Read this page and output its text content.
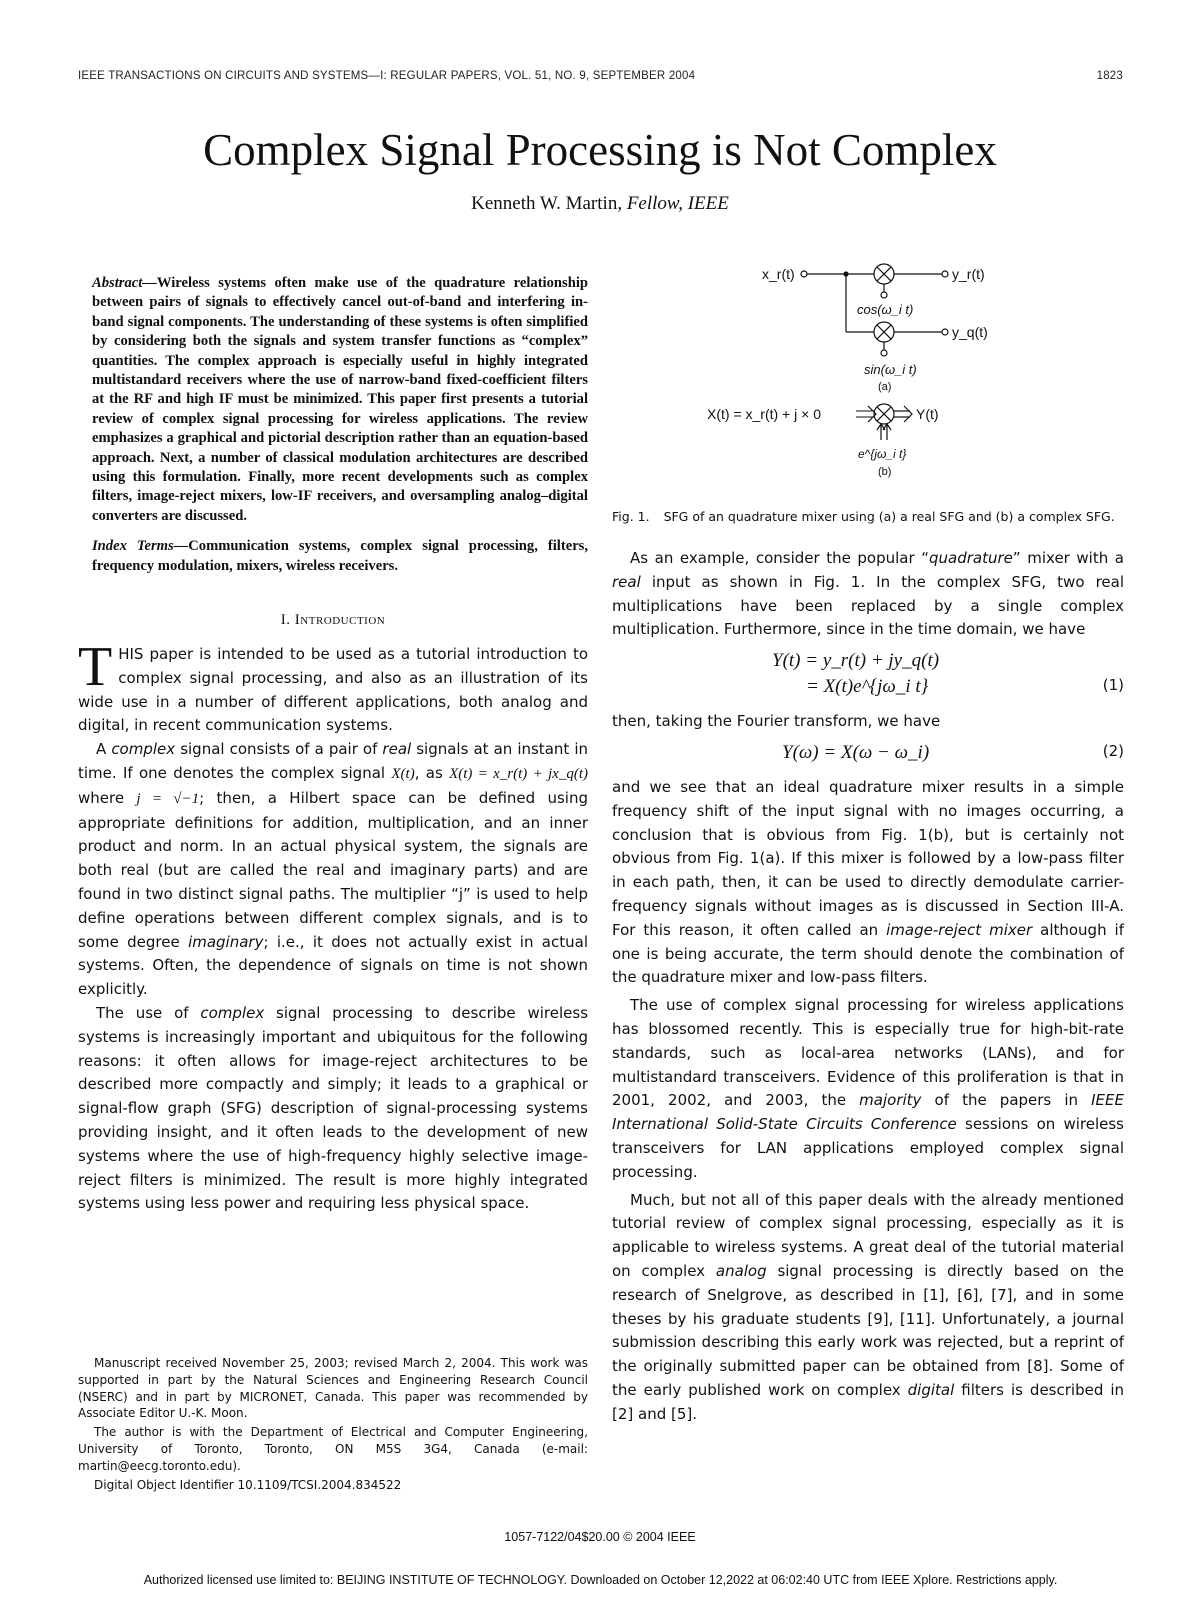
IEEE TRANSACTIONS ON CIRCUITS AND SYSTEMS—I: REGULAR PAPERS, VOL. 51, NO. 9, SEPTEMBER 2004	1823
Complex Signal Processing is Not Complex
Kenneth W. Martin, Fellow, IEEE

Abstract—Wireless systems often make use of the quadrature relationship between pairs of signals to effectively cancel out-of-band and interfering in-band signal components. The understanding of these systems is often simplified by considering both the signals and system transfer functions as “complex” quantities. The complex approach is especially useful in highly integrated multistandard receivers where the use of narrow-band fixed-coefficient filters at the RF and high IF must be minimized. This paper first presents a tutorial review of complex signal processing for wireless applications. The review emphasizes a graphical and pictorial description rather than an equation-based approach. Next, a number of classical modulation architectures are described using this formulation. Finally, more recent developments such as complex filters, image-reject mixers, low-IF receivers, and oversampling analog–digital converters are discussed.

Index Terms—Communication systems, complex signal processing, filters, frequency modulation, mixers, wireless receivers.

I. Introduction

THIS paper is intended to be used as a tutorial introduction to complex signal processing, and also as an illustration of its wide use in a number of different applications, both analog and digital, in recent communication systems.

A complex signal consists of a pair of real signals at an instant in time. If one denotes the complex signal X(t), as X(t) = x_r(t) + jx_q(t) where j = √−1; then, a Hilbert space can be defined using appropriate definitions for addition, multiplication, and an inner product and norm. In an actual physical system, the signals are both real (but are called the real and imaginary parts) and are found in two distinct signal paths. The multiplier “j” is used to help define operations between different complex signals, and is to some degree imaginary; i.e., it does not actually exist in actual systems. Often, the dependence of signals on time is not shown explicitly.

The use of complex signal processing to describe wireless systems is increasingly important and ubiquitous for the following reasons: it often allows for image-reject architectures to be described more compactly and simply; it leads to a graphical or signal-flow graph (SFG) description of signal-processing systems providing insight, and it often leads to the development of new systems where the use of high-frequency highly selective image-reject filters is minimized. The result is more highly integrated systems using less power and requiring less physical space.

Manuscript received November 25, 2003; revised March 2, 2004. This work was supported in part by the Natural Sciences and Engineering Research Council (NSERC) and in part by MICRONET, Canada. This paper was recommended by Associate Editor U.-K. Moon.

The author is with the Department of Electrical and Computer Engineering, University of Toronto, Toronto, ON M5S 3G4, Canada (e-mail: martin@eecg.toronto.edu).

Digital Object Identifier 10.1109/TCSI.2004.834522

x_r(t)	y_r(t)
y_q(t)
cos(ω_i t)
sin(ω_i t)
(a)
X(t) = x_r(t) + j × 0	Y(t)
e^{jω_i t}
(b)

Fig. 1. SFG of an quadrature mixer using (a) a real SFG and (b) a complex SFG.

As an example, consider the popular “quadrature” mixer with a real input as shown in Fig. 1. In the complex SFG, two real multiplications have been replaced by a single complex multiplication. Furthermore, since in the time domain, we have

Y(t) = y_r(t) + jy_q(t)
= X(t)e^{jω_i t}	(1)

then, taking the Fourier transform, we have

Y(ω) = X(ω − ω_i)	(2)

and we see that an ideal quadrature mixer results in a simple frequency shift of the input signal with no images occurring, a conclusion that is obvious from Fig. 1(b), but is certainly not obvious from Fig. 1(a). If this mixer is followed by a low-pass filter in each path, then, it can be used to directly demodulate carrier-frequency signals without images as is discussed in Section III-A. For this reason, it often called an image-reject mixer although if one is being accurate, the term should denote the combination of the quadrature mixer and low-pass filters.

The use of complex signal processing for wireless applications has blossomed recently. This is especially true for high-bit-rate standards, such as local-area networks (LANs), and for multistandard transceivers. Evidence of this proliferation is that in 2001, 2002, and 2003, the majority of the papers in IEEE International Solid-State Circuits Conference sessions on wireless transceivers for LAN applications employed complex signal processing.

Much, but not all of this paper deals with the already mentioned tutorial review of complex signal processing, especially as it is applicable to wireless systems. A great deal of the tutorial material on complex analog signal processing is directly based on the research of Snelgrove, as described in [1], [6], [7], and in some theses by his graduate students [9], [11]. Unfortunately, a journal submission describing this early work was rejected, but a reprint of the originally submitted paper can be obtained from [8]. Some of the early published work on complex digital filters is described in [2] and [5].

1057-7122/04$20.00 © 2004 IEEE
Authorized licensed use limited to: BEIJING INSTITUTE OF TECHNOLOGY. Downloaded on October 12,2022 at 06:02:40 UTC from IEEE Xplore. Restrictions apply.
